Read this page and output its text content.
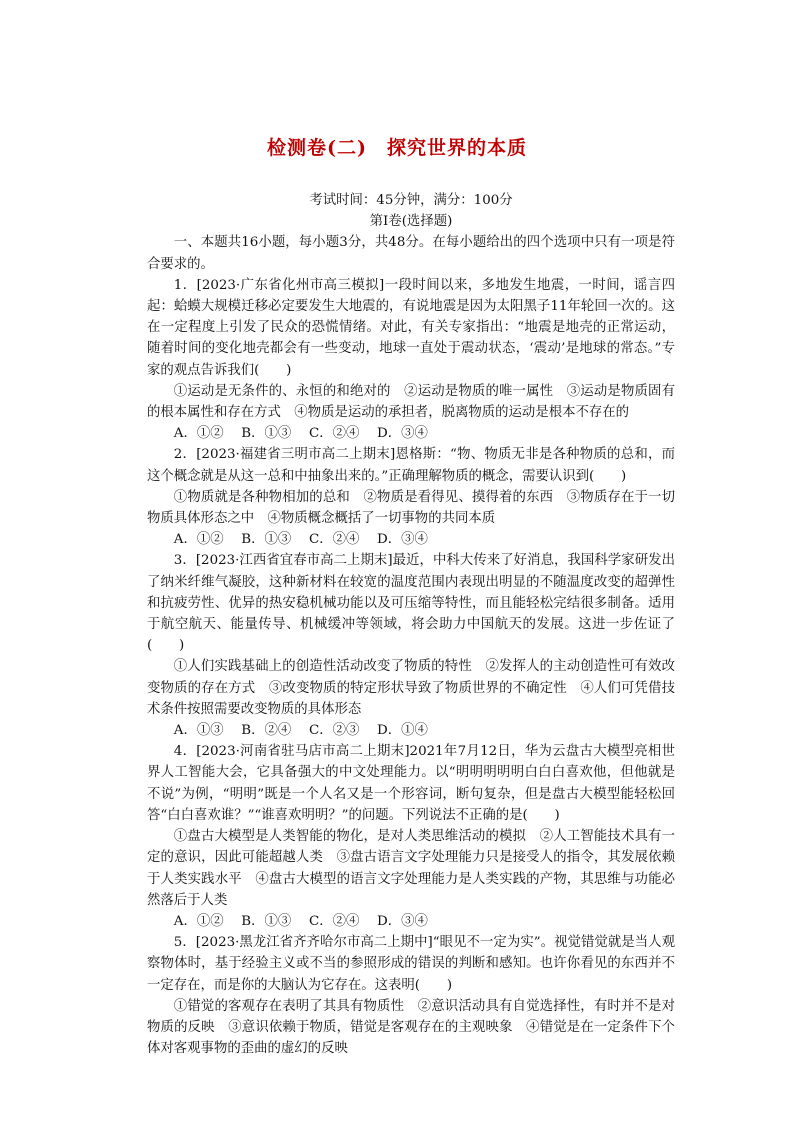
检测卷(二)　探究世界的本质

考试时间：45分钟，满分：100分

第Ⅰ卷(选择题)

一、本题共16小题，每小题3分，共48分。在每小题给出的四个选项中只有一项是符合要求的。

1．[2023·广东省化州市高三模拟]一段时间以来，多地发生地震，一时间，谣言四起：蛤蟆大规模迁移必定要发生大地震的，有说地震是因为太阳黑子11年轮回一次的。这在一定程度上引发了民众的恐慌情绪。对此，有关专家指出：“地震是地壳的正常运动，随着时间的变化地壳都会有一些变动，地球一直处于震动状态，‘震动’是地球的常态。”专家的观点告诉我们(　　)

①运动是无条件的、永恒的和绝对的　②运动是物质的唯一属性　③运动是物质固有的根本属性和存在方式　④物质是运动的承担者，脱离物质的运动是根本不存在的

A．①②　 B．①③　 C．②④　 D．③④

2．[2023·福建省三明市高二上期末]恩格斯：“物、物质无非是各种物质的总和，而这个概念就是从这一总和中抽象出来的。”正确理解物质的概念，需要认识到(　　)

①物质就是各种物相加的总和　②物质是看得见、摸得着的东西　③物质存在于一切物质具体形态之中　④物质概念概括了一切事物的共同本质

A．①②　 B．①③　 C．②④　 D．③④

3．[2023·江西省宜春市高二上期末]最近，中科大传来了好消息，我国科学家研发出了纳米纤维气凝胶，这种新材料在较宽的温度范围内表现出明显的不随温度改变的超弹性和抗疲劳性、优异的热安稳机械功能以及可压缩等特性，而且能轻松完结很多制备。适用于航空航天、能量传导、机械缓冲等领域，将会助力中国航天的发展。这进一步佐证了(　　)

①人们实践基础上的创造性活动改变了物质的特性　②发挥人的主动创造性可有效改变物质的存在方式　③改变物质的特定形状导致了物质世界的不确定性　④人们可凭借技术条件按照需要改变物质的具体形态

A．①③　 B．②④　 C．②③　 D．①④

4．[2023·河南省驻马店市高二上期末]2021年7月12日，华为云盘古大模型亮相世界人工智能大会，它具备强大的中文处理能力。以“明明明明明白白白喜欢他，但他就是不说”为例，“明明”既是一个人名又是一个形容词，断句复杂，但是盘古大模型能轻松回答“白白喜欢谁？”“谁喜欢明明？”的问题。下列说法不正确的是(　　)

①盘古大模型是人类智能的物化，是对人类思维活动的模拟　②人工智能技术具有一定的意识，因此可能超越人类　③盘古语言文字处理能力只是接受人的指令，其发展依赖于人类实践水平　④盘古大模型的语言文字处理能力是人类实践的产物，其思维与功能必然落后于人类

A．①②　 B．①③　 C．②④　 D．③④

5．[2023·黑龙江省齐齐哈尔市高二上期中]“眼见不一定为实”。视觉错觉就是当人观察物体时，基于经验主义或不当的参照形成的错误的判断和感知。也许你看见的东西并不一定存在，而是你的大脑认为它存在。这表明(　　)

①错觉的客观存在表明了其具有物质性　②意识活动具有自觉选择性，有时并不是对物质的反映　③意识依赖于物质，错觉是客观存在的主观映象　④错觉是在一定条件下个体对客观事物的歪曲的虚幻的反映
